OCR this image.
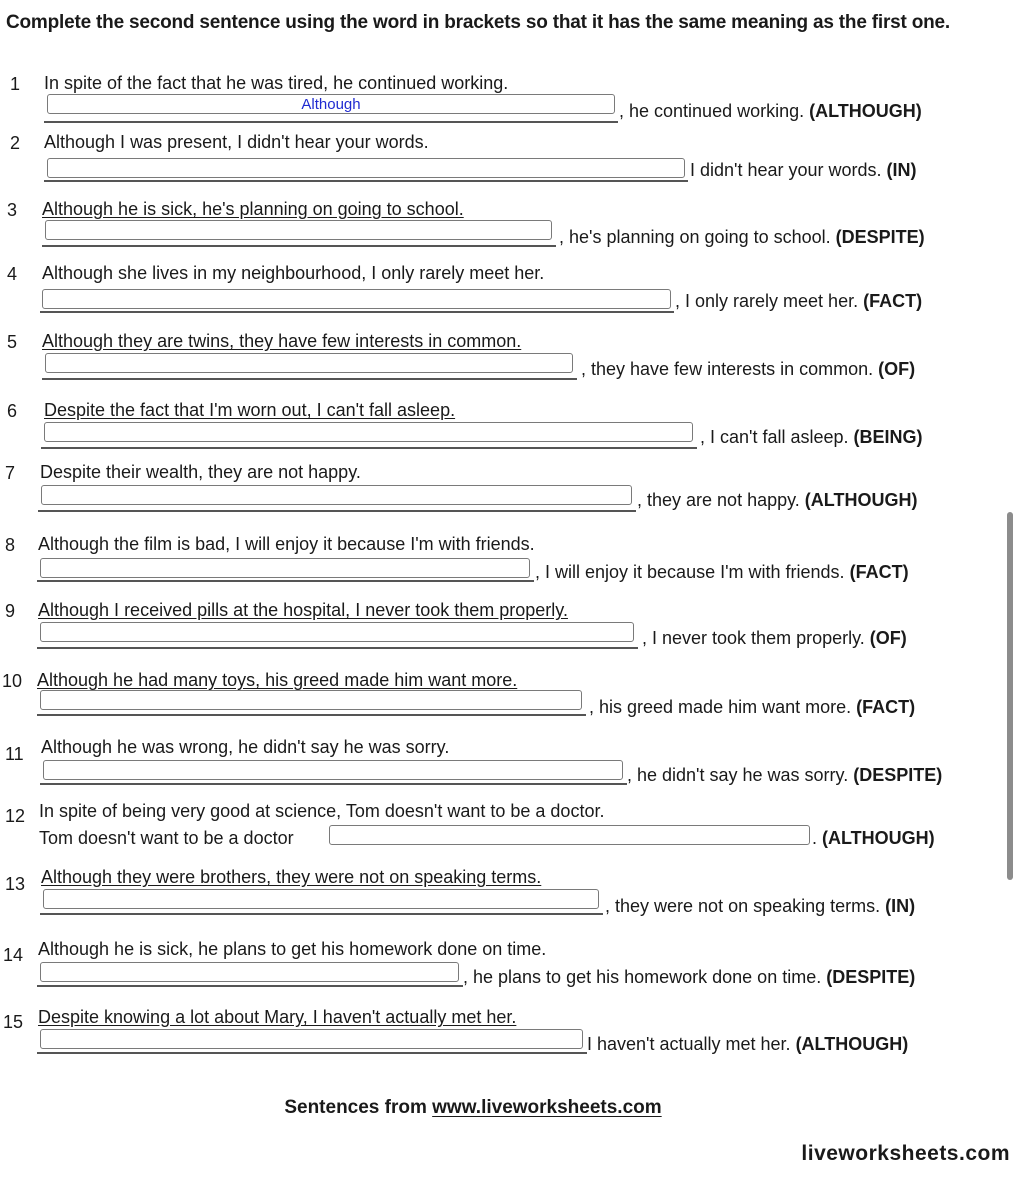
Complete the second sentence using the word in brackets so that it has the same meaning as the first one.
1 In spite of the fact that he was tired, he continued working.
Although
, he continued working. (ALTHOUGH)
2 Although I was present, I didn't hear your words.
I didn't hear your words. (IN)
3 Although he is sick, he's planning on going to school.
, he's planning on going to school. (DESPITE)
4 Although she lives in my neighbourhood, I only rarely meet her.
, I only rarely meet her. (FACT)
5 Although they are twins, they have few interests in common.
, they have few interests in common. (OF)
6 Despite the fact that I'm worn out, I can't fall asleep.
, I can't fall asleep. (BEING)
7 Despite their wealth, they are not happy.
, they are not happy. (ALTHOUGH)
8 Although the film is bad, I will enjoy it because I'm with friends.
, I will enjoy it because I'm with friends. (FACT)
9 Although I received pills at the hospital, I never took them properly.
, I never took them properly. (OF)
10 Although he had many toys, his greed made him want more.
, his greed made him want more. (FACT)
11 Although he was wrong, he didn't say he was sorry.
, he didn't say he was sorry. (DESPITE)
12 In spite of being very good at science, Tom doesn't want to be a doctor.
Tom doesn't want to be a doctor	. (ALTHOUGH)
13 Although they were brothers, they were not on speaking terms.
, they were not on speaking terms. (IN)
14 Although he is sick, he plans to get his homework done on time.
, he plans to get his homework done on time. (DESPITE)
15 Despite knowing a lot about Mary, I haven't actually met her.
I haven't actually met her. (ALTHOUGH)
Sentences from www.liveworksheets.com
liveworksheets.com
